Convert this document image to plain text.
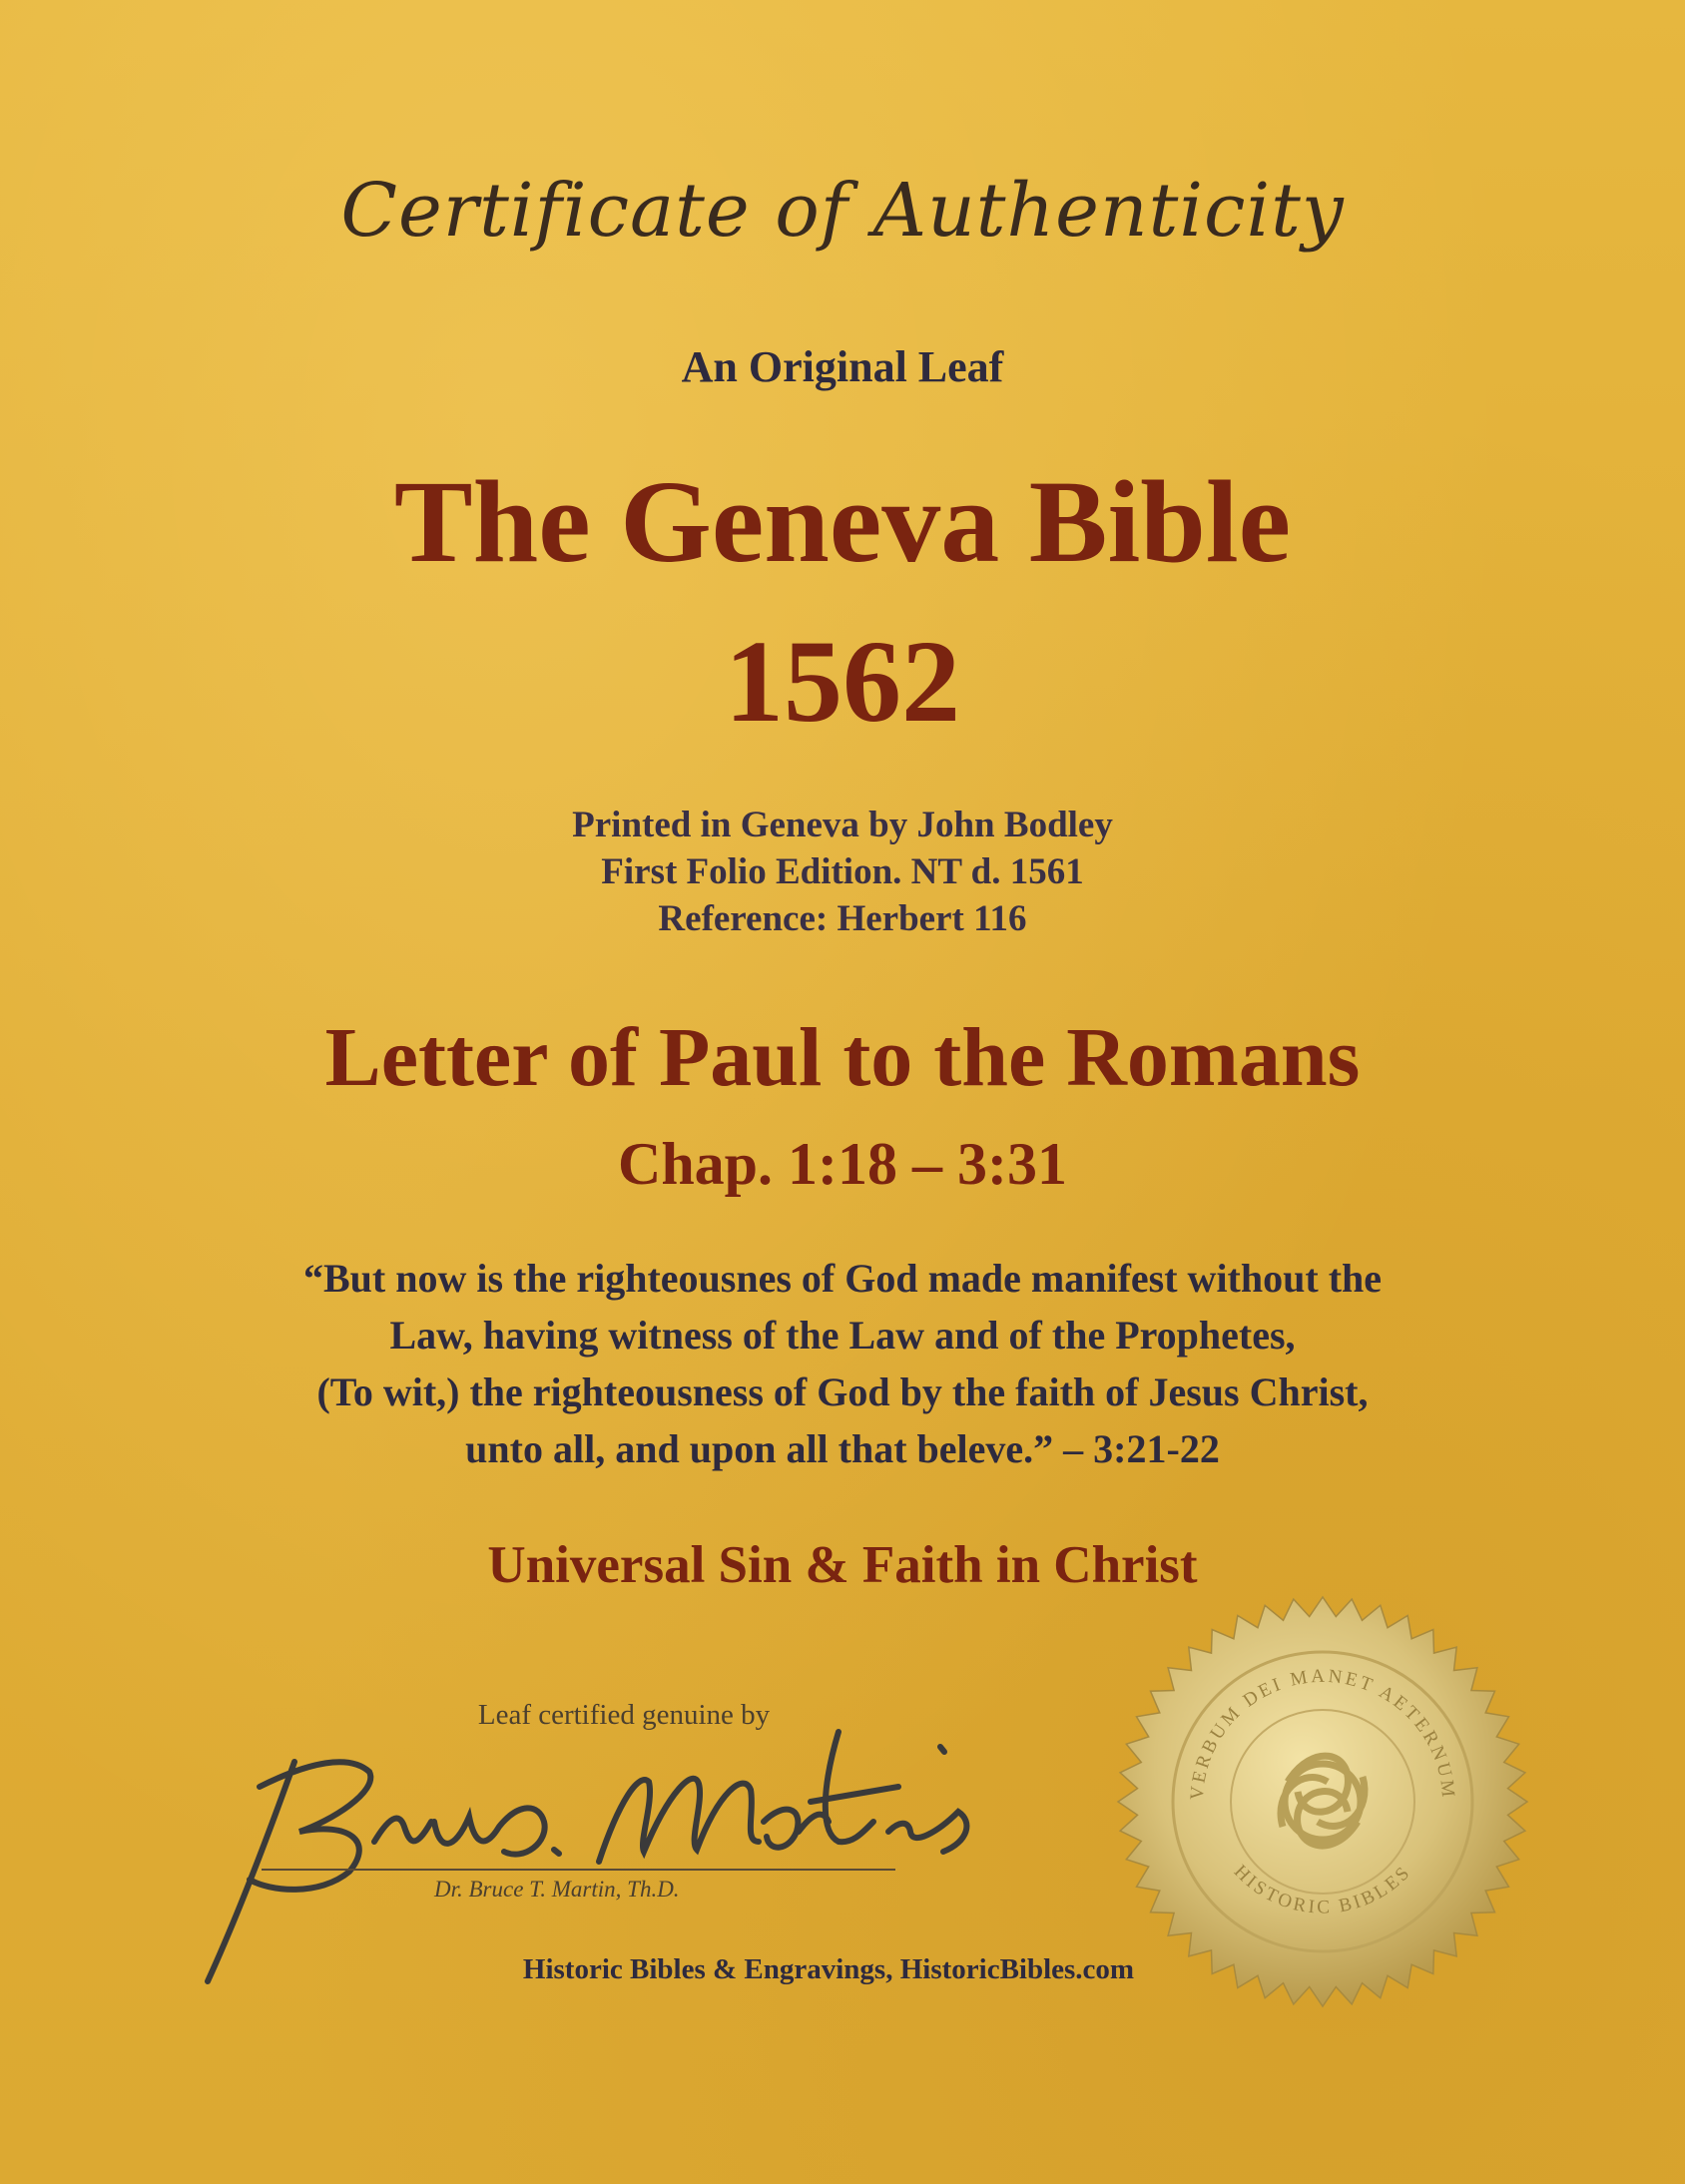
Certificate of Authenticity
An Original Leaf
The Geneva Bible
1562
Printed in Geneva by John Bodley
First Folio Edition. NT d. 1561
Reference: Herbert 116
Letter of Paul to the Romans
Chap. 1:18 – 3:31
“But now is the righteousnes of God made manifest without the
Law, having witness of the Law and of the Prophetes,
(To wit,) the righteousness of God by the faith of Jesus Christ,
unto all, and upon all that beleve.” – 3:21-22
Universal Sin & Faith in Christ
Leaf certified genuine by
Dr. Bruce T. Martin, Th.D.
Historic Bibles & Engravings, HistoricBibles.com
VERBUM DEI MANET AETERNUM
HISTORIC BIBLES
